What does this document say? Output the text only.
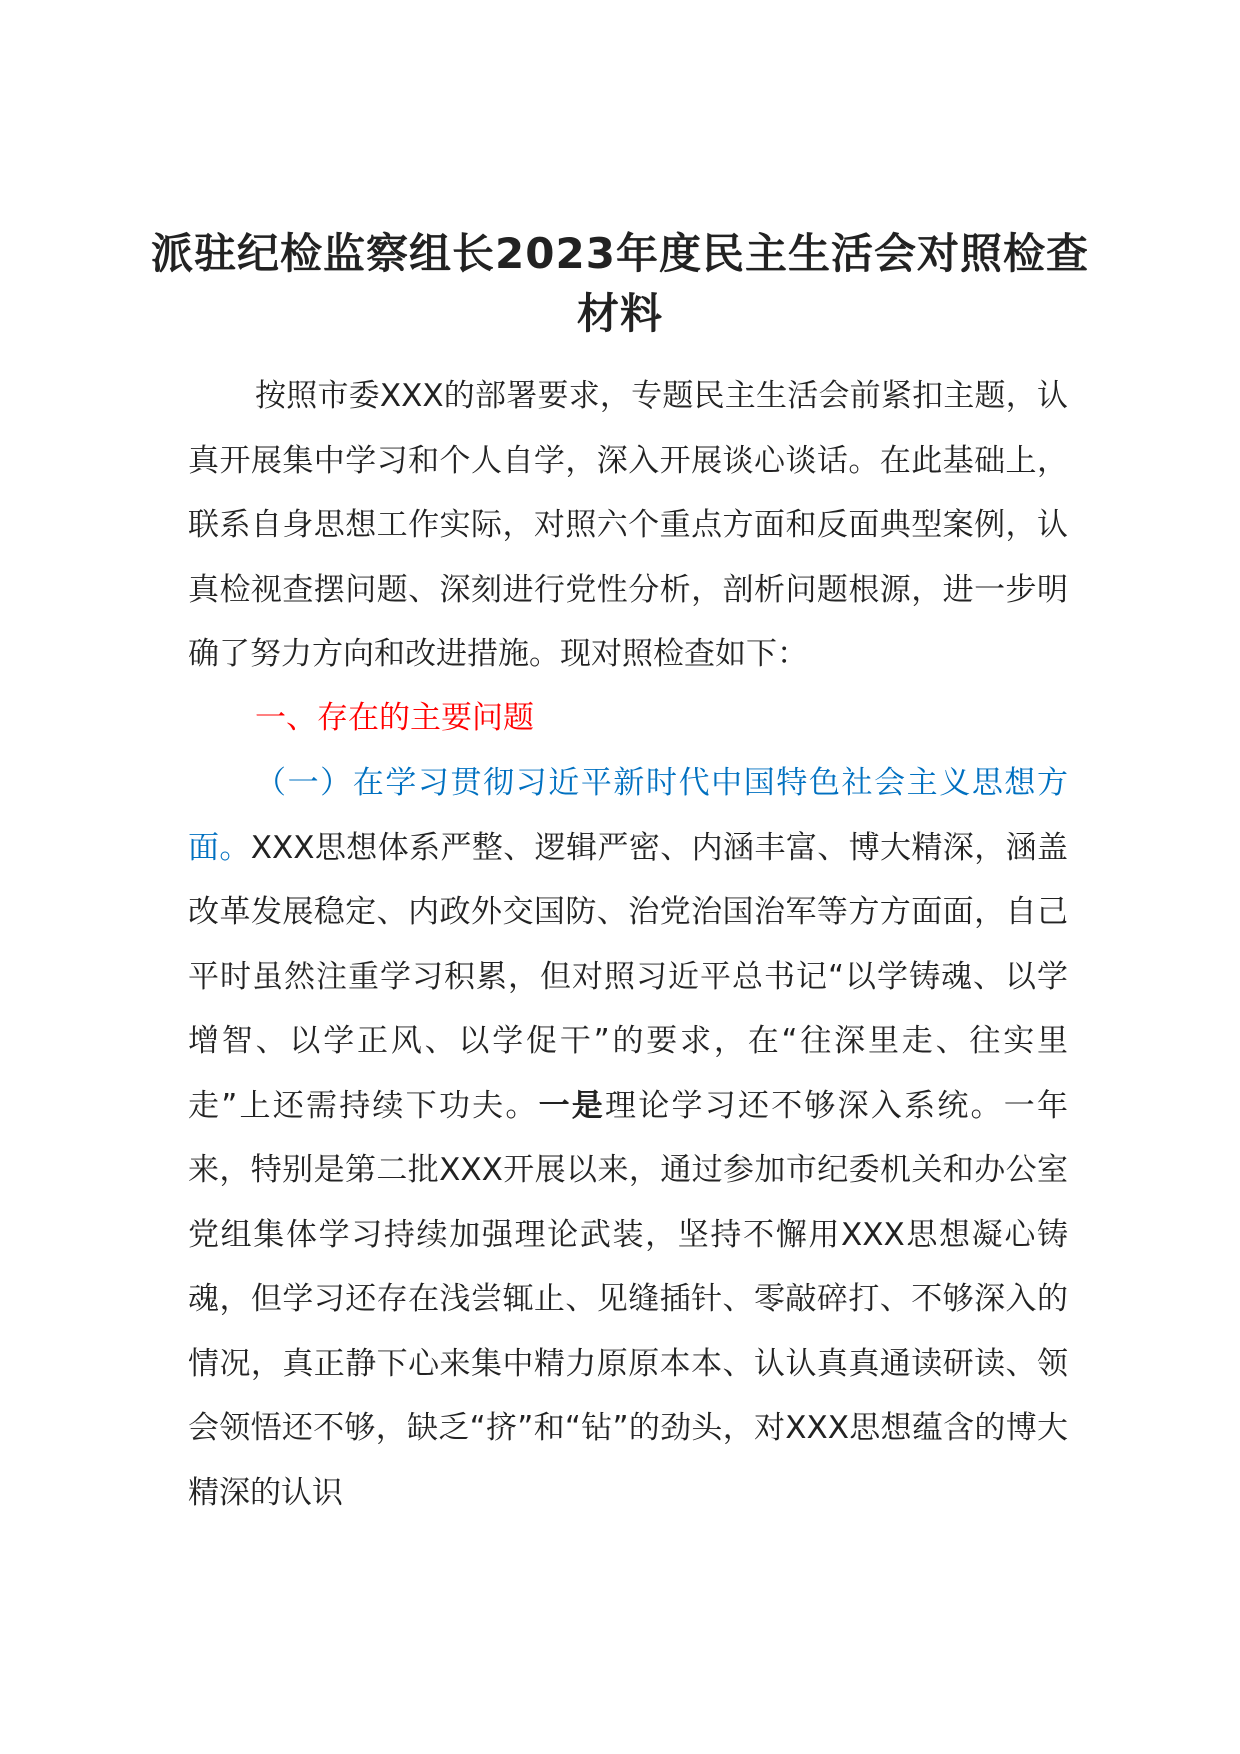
派驻纪检监察组长2023年度民主生活会对照检查材料

按照市委XXX的部署要求，专题民主生活会前紧扣主题，认真开展集中学习和个人自学，深入开展谈心谈话。在此基础上，联系自身思想工作实际，对照六个重点方面和反面典型案例，认真检视查摆问题、深刻进行党性分析，剖析问题根源，进一步明确了努力方向和改进措施。现对照检查如下：

一、存在的主要问题

（一）在学习贯彻习近平新时代中国特色社会主义思想方面。XXX思想体系严整、逻辑严密、内涵丰富、博大精深，涵盖改革发展稳定、内政外交国防、治党治国治军等方方面面，自己平时虽然注重学习积累，但对照习近平总书记“以学铸魂、以学增智、以学正风、以学促干”的要求，在“往深里走、往实里走”上还需持续下功夫。一是理论学习还不够深入系统。一年来，特别是第二批XXX开展以来，通过参加市纪委机关和办公室党组集体学习持续加强理论武装，坚持不懈用XXX思想凝心铸魂，但学习还存在浅尝辄止、见缝插针、零敲碎打、不够深入的情况，真正静下心来集中精力原原本本、认认真真通读研读、领会领悟还不够，缺乏“挤”和“钻”的劲头，对XXX思想蕴含的博大精深的认识
